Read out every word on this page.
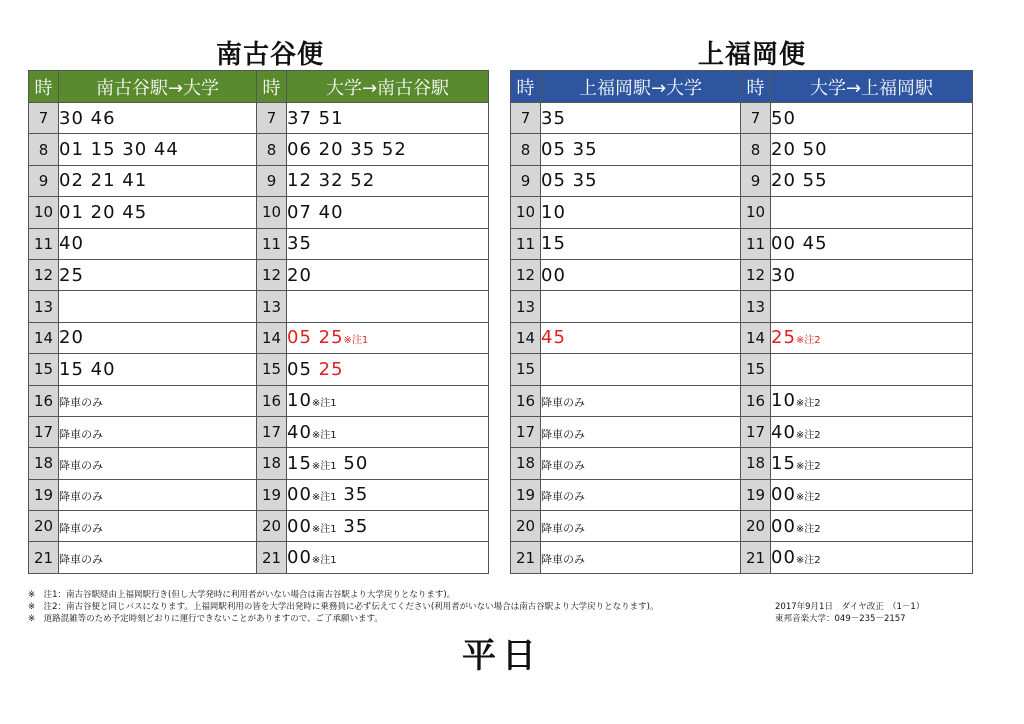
南古谷便	上福岡便
時	南古谷駅→大学	時	大学→南古谷駅
7	30 46	7	37 51
8	01 15 30 44	8	06 20 35 52
9	02 21 41	9	12 32 52
10	01 20 45	10	07 40
11	40	11	35
12	25	12	20
13		13	
14	20	14	05 25※注1
15	15 40	15	05 25
16	降車のみ	16	10※注1
17	降車のみ	17	40※注1
18	降車のみ	18	15※注1 50
19	降車のみ	19	00※注1 35
20	降車のみ	20	00※注1 35
21	降車のみ	21	00※注1
時	上福岡駅→大学	時	大学→上福岡駅
7	35	7	50
8	05 35	8	20 50
9	05 35	9	20 55
10	10	10	
11	15	11	00 45
12	00	12	30
13		13	
14	45	14	25※注2
15		15	
16	降車のみ	16	10※注2
17	降車のみ	17	40※注2
18	降車のみ	18	15※注2
19	降車のみ	19	00※注2
20	降車のみ	20	00※注2
21	降車のみ	21	00※注2
※　注1：南古谷駅経由上福岡駅行き(但し大学発時に利用者がいない場合は南古谷駅より大学戻りとなります)。
※　注2：南古谷便と同じバスになります。上福岡駅利用の皆を大学出発時に乗務員に必ず伝えてください(利用者がいない場合は南古谷駅より大学戻りとなります)。
※　道路混雑等のため予定時刻どおりに運行できないことがありますので、ご了承願います。
2017年9月1日　ダイヤ改正　（1－1）
東邦音楽大学：049－235－2157
平日
